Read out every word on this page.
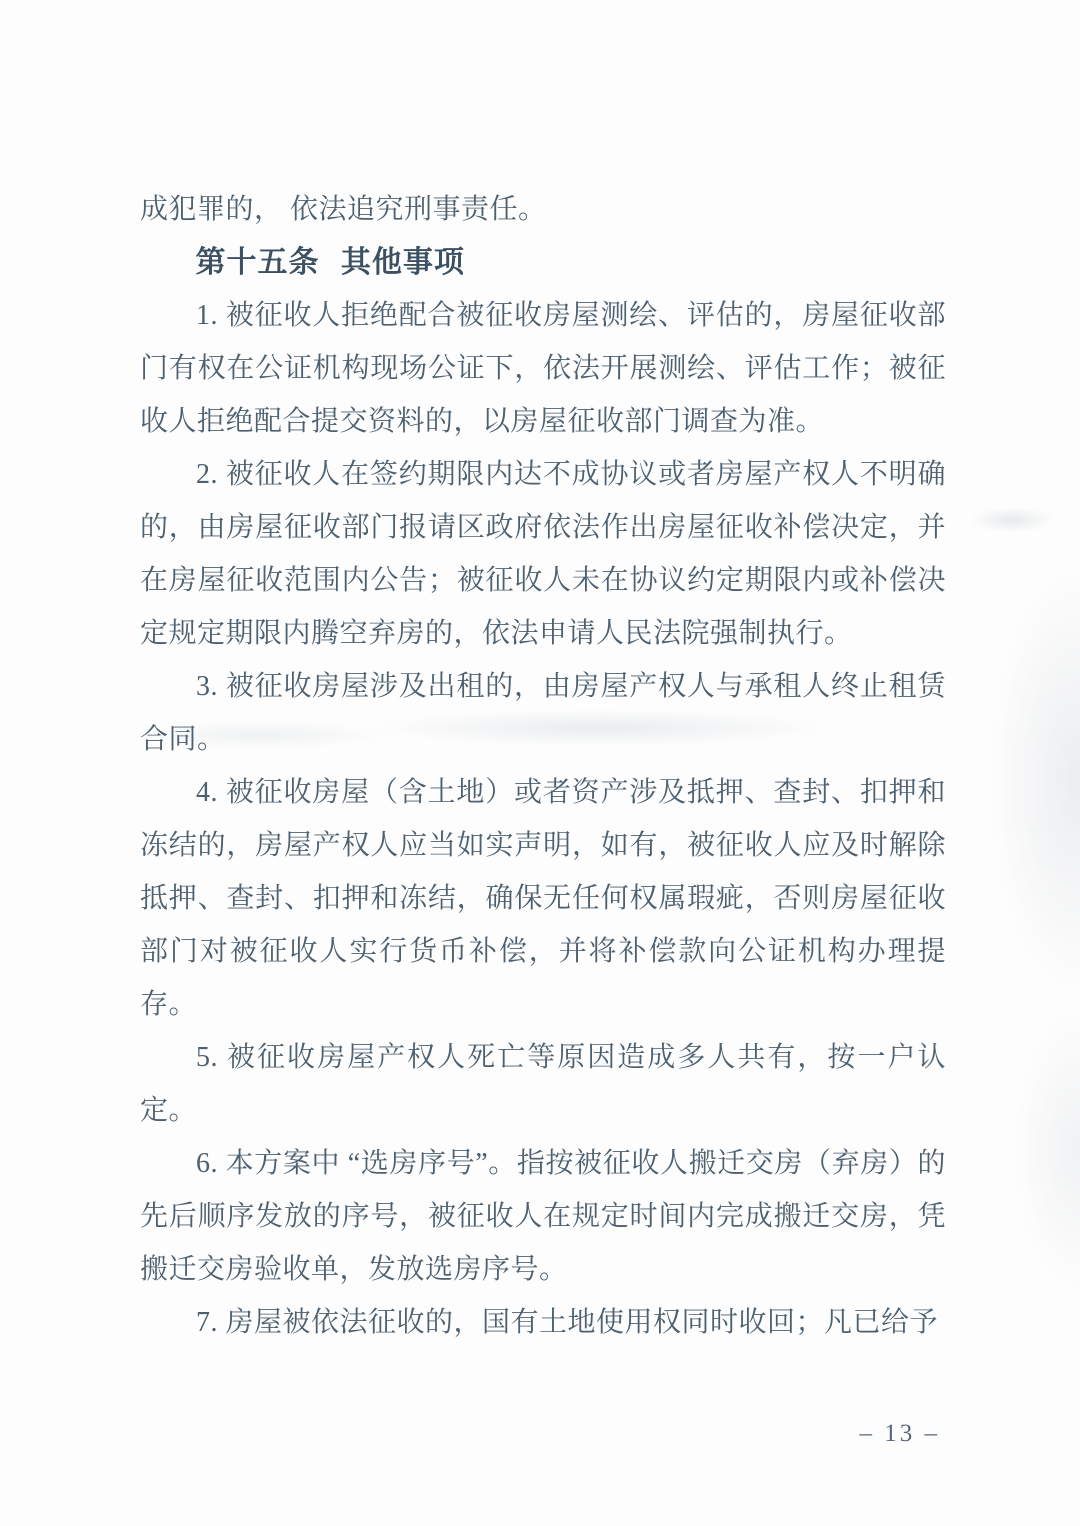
成犯罪的， 依法追究刑事责任。

第十五条 其他事项

1. 被征收人拒绝配合被征收房屋测绘、评估的，房屋征收部门有权在公证机构现场公证下，依法开展测绘、评估工作；被征收人拒绝配合提交资料的，以房屋征收部门调查为准。

2. 被征收人在签约期限内达不成协议或者房屋产权人不明确的，由房屋征收部门报请区政府依法作出房屋征收补偿决定，并在房屋征收范围内公告；被征收人未在协议约定期限内或补偿决定规定期限内腾空弃房的，依法申请人民法院强制执行。

3. 被征收房屋涉及出租的，由房屋产权人与承租人终止租赁合同。

4. 被征收房屋（含土地）或者资产涉及抵押、查封、扣押和冻结的，房屋产权人应当如实声明，如有，被征收人应及时解除抵押、查封、扣押和冻结，确保无任何权属瑕疵，否则房屋征收部门对被征收人实行货币补偿，并将补偿款向公证机构办理提存。

5. 被征收房屋产权人死亡等原因造成多人共有，按一户认定。

6. 本方案中 “选房序号”。指按被征收人搬迁交房（弃房）的先后顺序发放的序号，被征收人在规定时间内完成搬迁交房，凭搬迁交房验收单，发放选房序号。

7. 房屋被依法征收的，国有土地使用权同时收回；凡已给予

– 13 –
